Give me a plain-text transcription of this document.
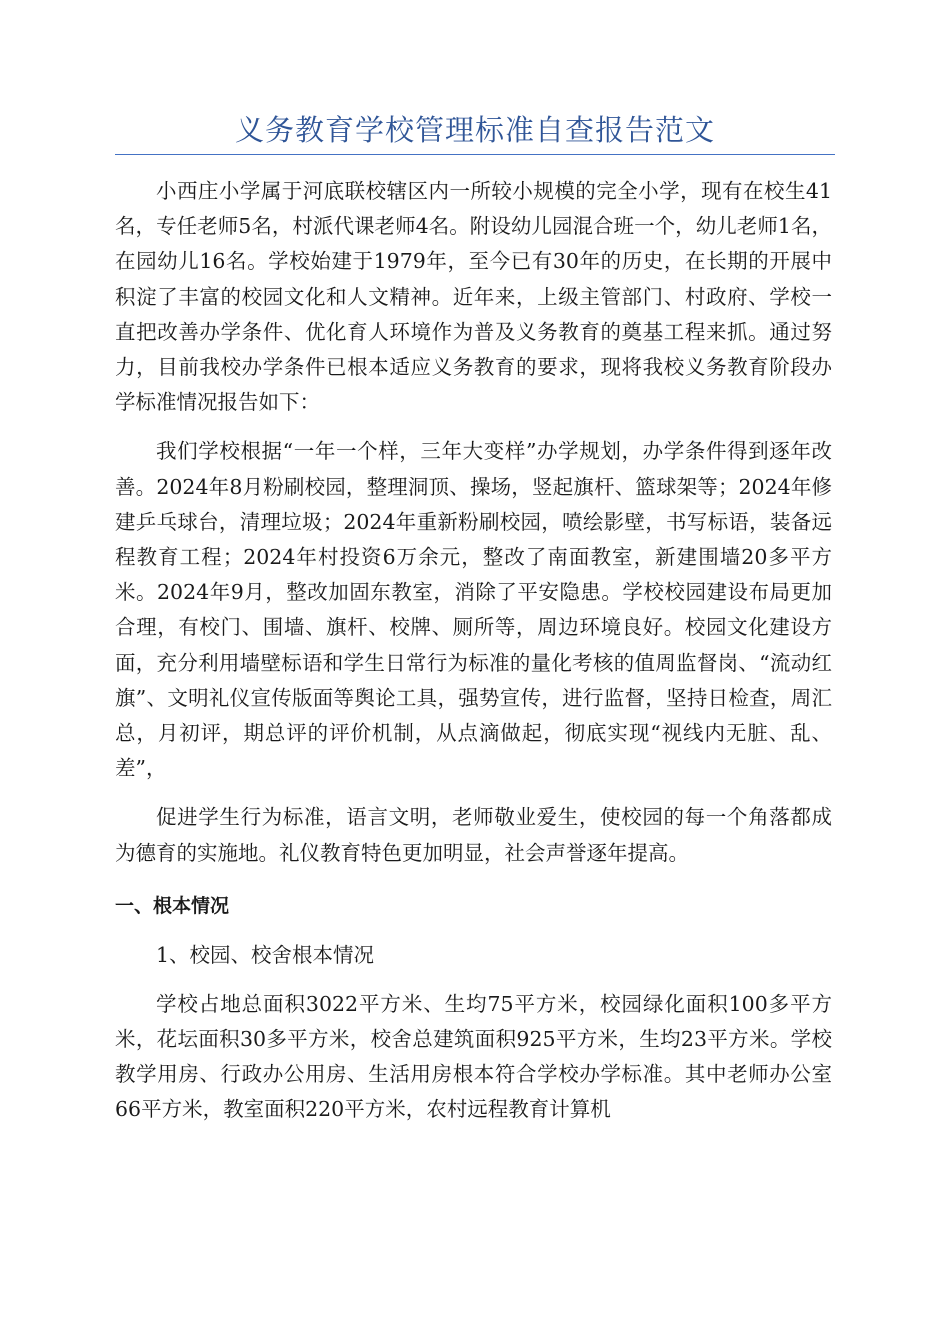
义务教育学校管理标准自查报告范文

小西庄小学属于河底联校辖区内一所较小规模的完全小学，现有在校生41名，专任老师5名，村派代课老师4名。附设幼儿园混合班一个，幼儿老师1名，在园幼儿16名。学校始建于1979年，至今已有30年的历史，在长期的开展中积淀了丰富的校园文化和人文精神。近年来，上级主管部门、村政府、学校一直把改善办学条件、优化育人环境作为普及义务教育的奠基工程来抓。通过努力，目前我校办学条件已根本适应义务教育的要求，现将我校义务教育阶段办学标准情况报告如下：

我们学校根据“一年一个样，三年大变样”办学规划，办学条件得到逐年改善。2024年8月粉刷校园，整理洞顶、操场，竖起旗杆、篮球架等；2024年修建乒乓球台，清理垃圾；2024年重新粉刷校园，喷绘影壁，书写标语，装备远程教育工程；2024年村投资6万余元，整改了南面教室，新建围墙20多平方米。2024年9月，整改加固东教室，消除了平安隐患。学校校园建设布局更加合理，有校门、围墙、旗杆、校牌、厕所等，周边环境良好。校园文化建设方面，充分利用墙壁标语和学生日常行为标准的量化考核的值周监督岗、“流动红旗”、文明礼仪宣传版面等舆论工具，强势宣传，进行监督，坚持日检查，周汇总，月初评，期总评的评价机制，从点滴做起，彻底实现“视线内无脏、乱、差”，

促进学生行为标准，语言文明，老师敬业爱生，使校园的每一个角落都成为德育的实施地。礼仪教育特色更加明显，社会声誉逐年提高。

一、根本情况

1、校园、校舍根本情况

学校占地总面积3022平方米、生均75平方米，校园绿化面积100多平方米，花坛面积30多平方米，校舍总建筑面积925平方米，生均23平方米。学校教学用房、行政办公用房、生活用房根本符合学校办学标准。其中老师办公室66平方米，教室面积220平方米，农村远程教育计算机
